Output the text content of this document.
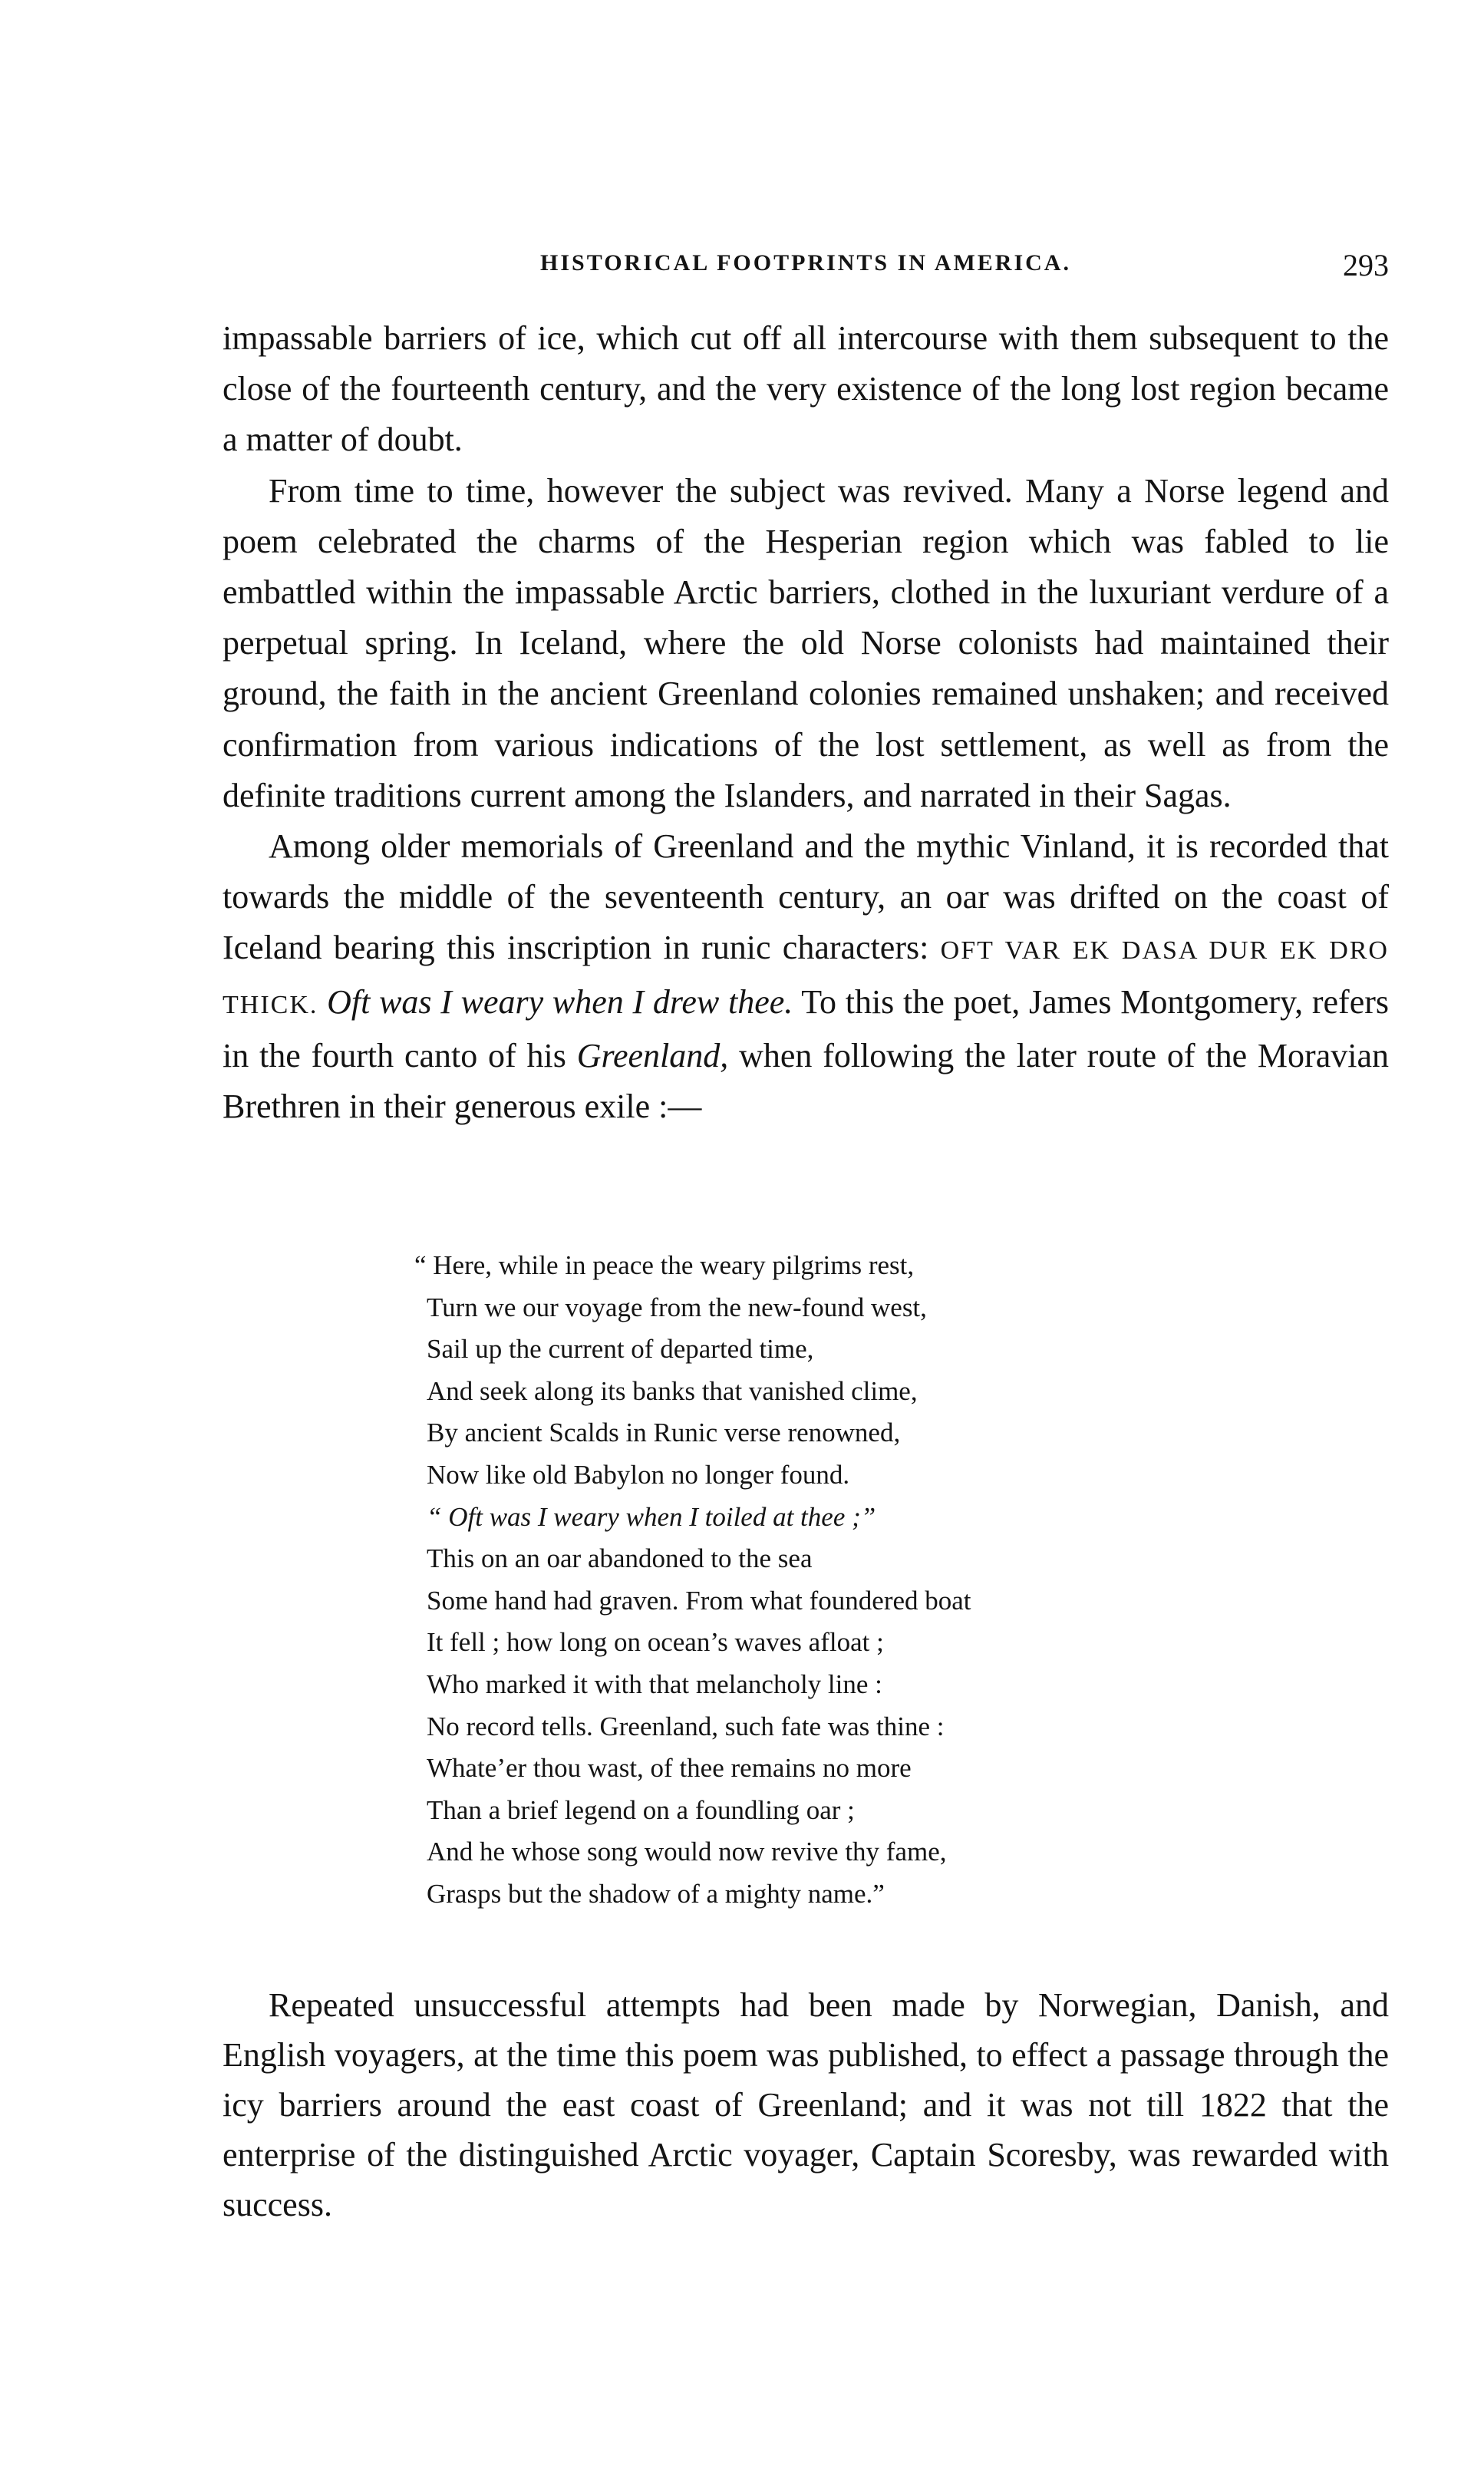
HISTORICAL FOOTPRINTS IN AMERICA.	293

impassable barriers of ice, which cut off all intercourse with them subsequent to the close of the fourteenth century, and the very existence of the long lost region became a matter of doubt.

From time to time, however the subject was revived. Many a Norse legend and poem celebrated the charms of the Hesperian region which was fabled to lie embattled within the impassable Arctic barriers, clothed in the luxuriant verdure of a perpetual spring. In Iceland, where the old Norse colonists had maintained their ground, the faith in the ancient Greenland colonies remained unshaken; and received confirmation from various indications of the lost settlement, as well as from the definite traditions current among the Islanders, and narrated in their Sagas.

Among older memorials of Greenland and the mythic Vinland, it is recorded that towards the middle of the seventeenth century, an oar was drifted on the coast of Iceland bearing this inscription in runic characters: OFT VAR EK DASA DUR EK DRO THICK. Oft was I weary when I drew thee. To this the poet, James Montgomery, refers in the fourth canto of his Greenland, when following the later route of the Moravian Brethren in their generous exile :—

“ Here, while in peace the weary pilgrims rest,
Turn we our voyage from the new-found west,
Sail up the current of departed time,
And seek along its banks that vanished clime,
By ancient Scalds in Runic verse renowned,
Now like old Babylon no longer found.
“ Oft was I weary when I toiled at thee ;”
This on an oar abandoned to the sea
Some hand had graven. From what foundered boat
It fell ; how long on ocean’s waves afloat ;
Who marked it with that melancholy line :
No record tells. Greenland, such fate was thine :
Whate’er thou wast, of thee remains no more
Than a brief legend on a foundling oar ;
And he whose song would now revive thy fame,
Grasps but the shadow of a mighty name.”

Repeated unsuccessful attempts had been made by Norwegian, Danish, and English voyagers, at the time this poem was published, to effect a passage through the icy barriers around the east coast of Greenland; and it was not till 1822 that the enterprise of the distinguished Arctic voyager, Captain Scoresby, was rewarded with success.
